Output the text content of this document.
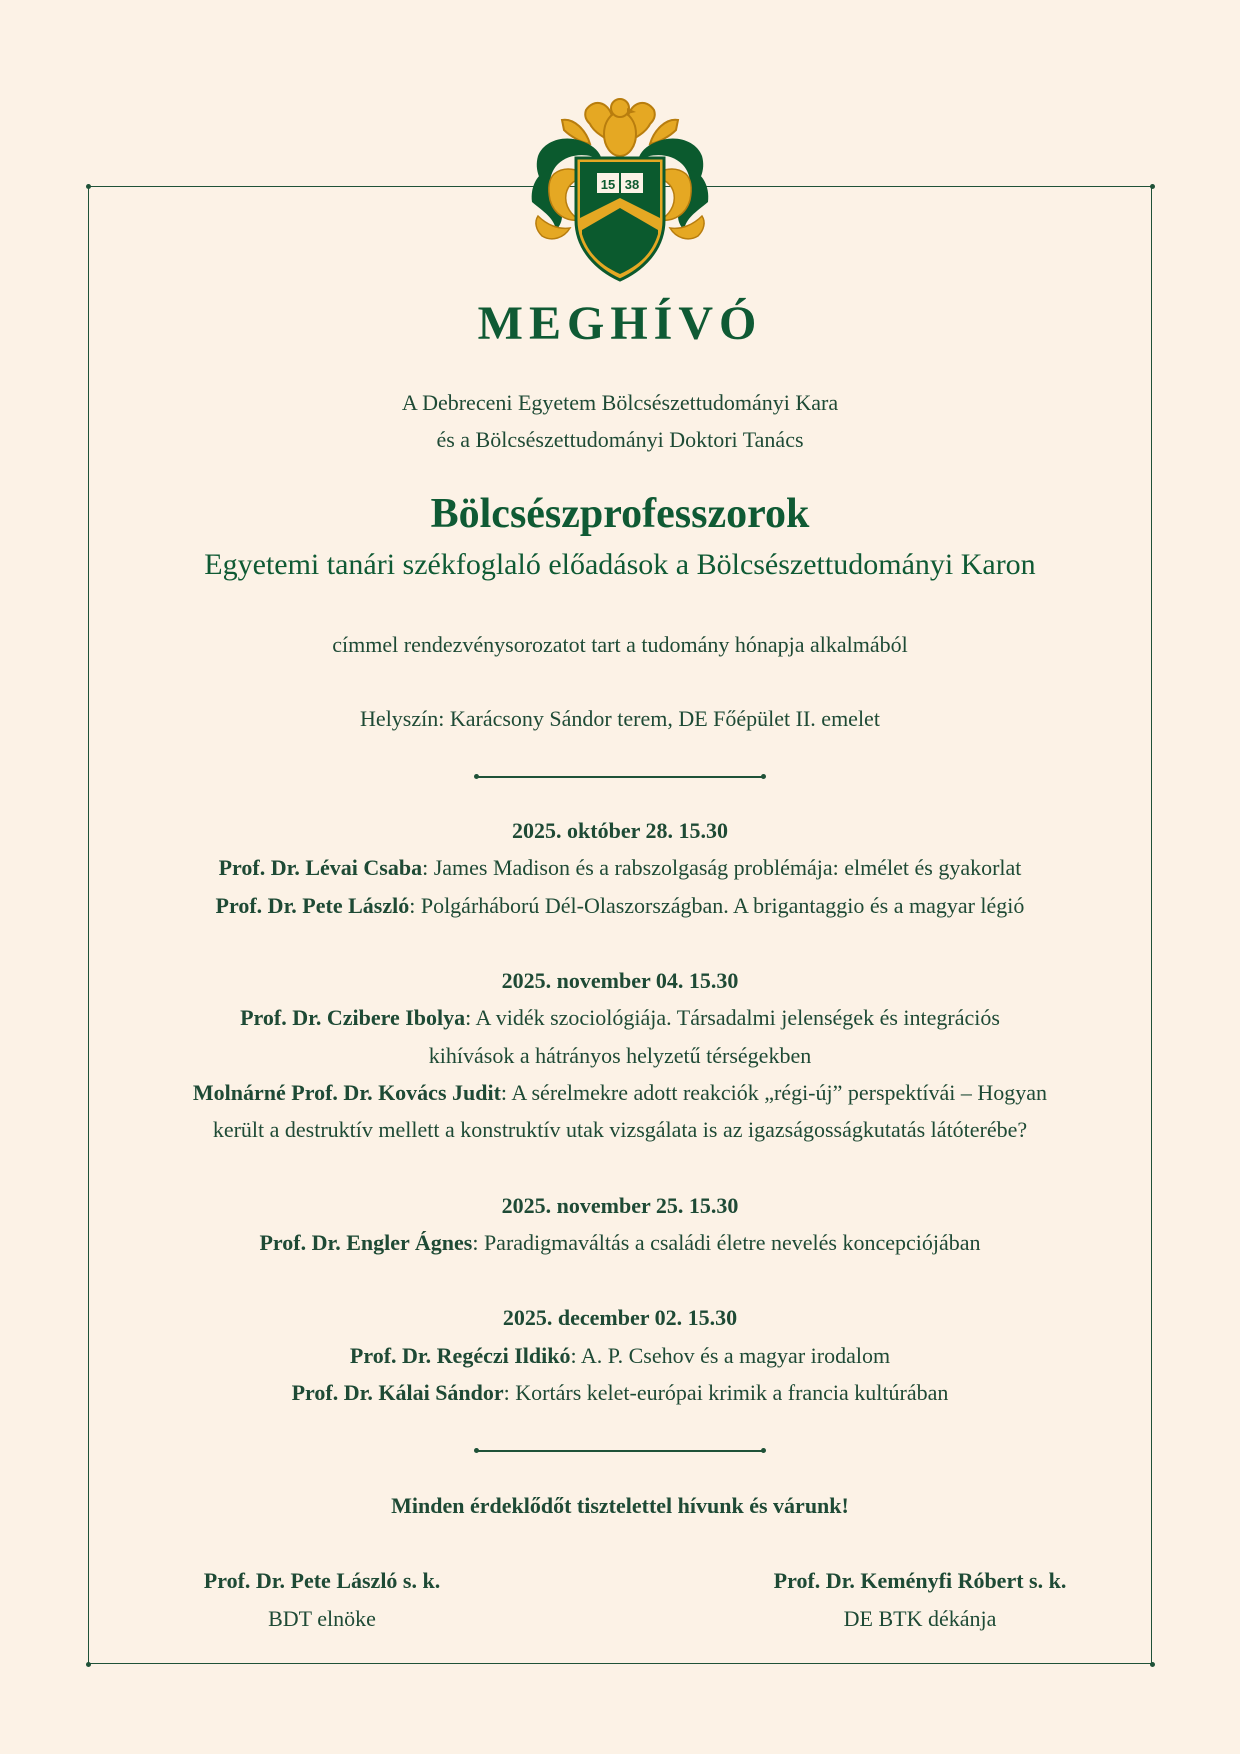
15 38
MEGHÍVÓ
A Debreceni Egyetem Bölcsészettudományi Kara
és a Bölcsészettudományi Doktori Tanács
Bölcsészprofesszorok
Egyetemi tanári székfoglaló előadások a Bölcsészettudományi Karon
címmel rendezvénysorozatot tart a tudomány hónapja alkalmából
Helyszín: Karácsony Sándor terem, DE Főépület II. emelet
2025. október 28. 15.30
Prof. Dr. Lévai Csaba: James Madison és a rabszolgaság problémája: elmélet és gyakorlat
Prof. Dr. Pete László: Polgárháború Dél-Olaszországban. A brigantaggio és a magyar légió
2025. november 04. 15.30
Prof. Dr. Czibere Ibolya: A vidék szociológiája. Társadalmi jelenségek és integrációs
kihívások a hátrányos helyzetű térségekben
Molnárné Prof. Dr. Kovács Judit: A sérelmekre adott reakciók „régi-új” perspektívái – Hogyan
került a destruktív mellett a konstruktív utak vizsgálata is az igazságosságkutatás látóterébe?
2025. november 25. 15.30
Prof. Dr. Engler Ágnes: Paradigmaváltás a családi életre nevelés koncepciójában
2025. december 02. 15.30
Prof. Dr. Regéczi Ildikó: A. P. Csehov és a magyar irodalom
Prof. Dr. Kálai Sándor: Kortárs kelet-európai krimik a francia kultúrában
Minden érdeklődőt tisztelettel hívunk és várunk!
Prof. Dr. Pete László s. k.
BDT elnöke
Prof. Dr. Keményfi Róbert s. k.
DE BTK dékánja
